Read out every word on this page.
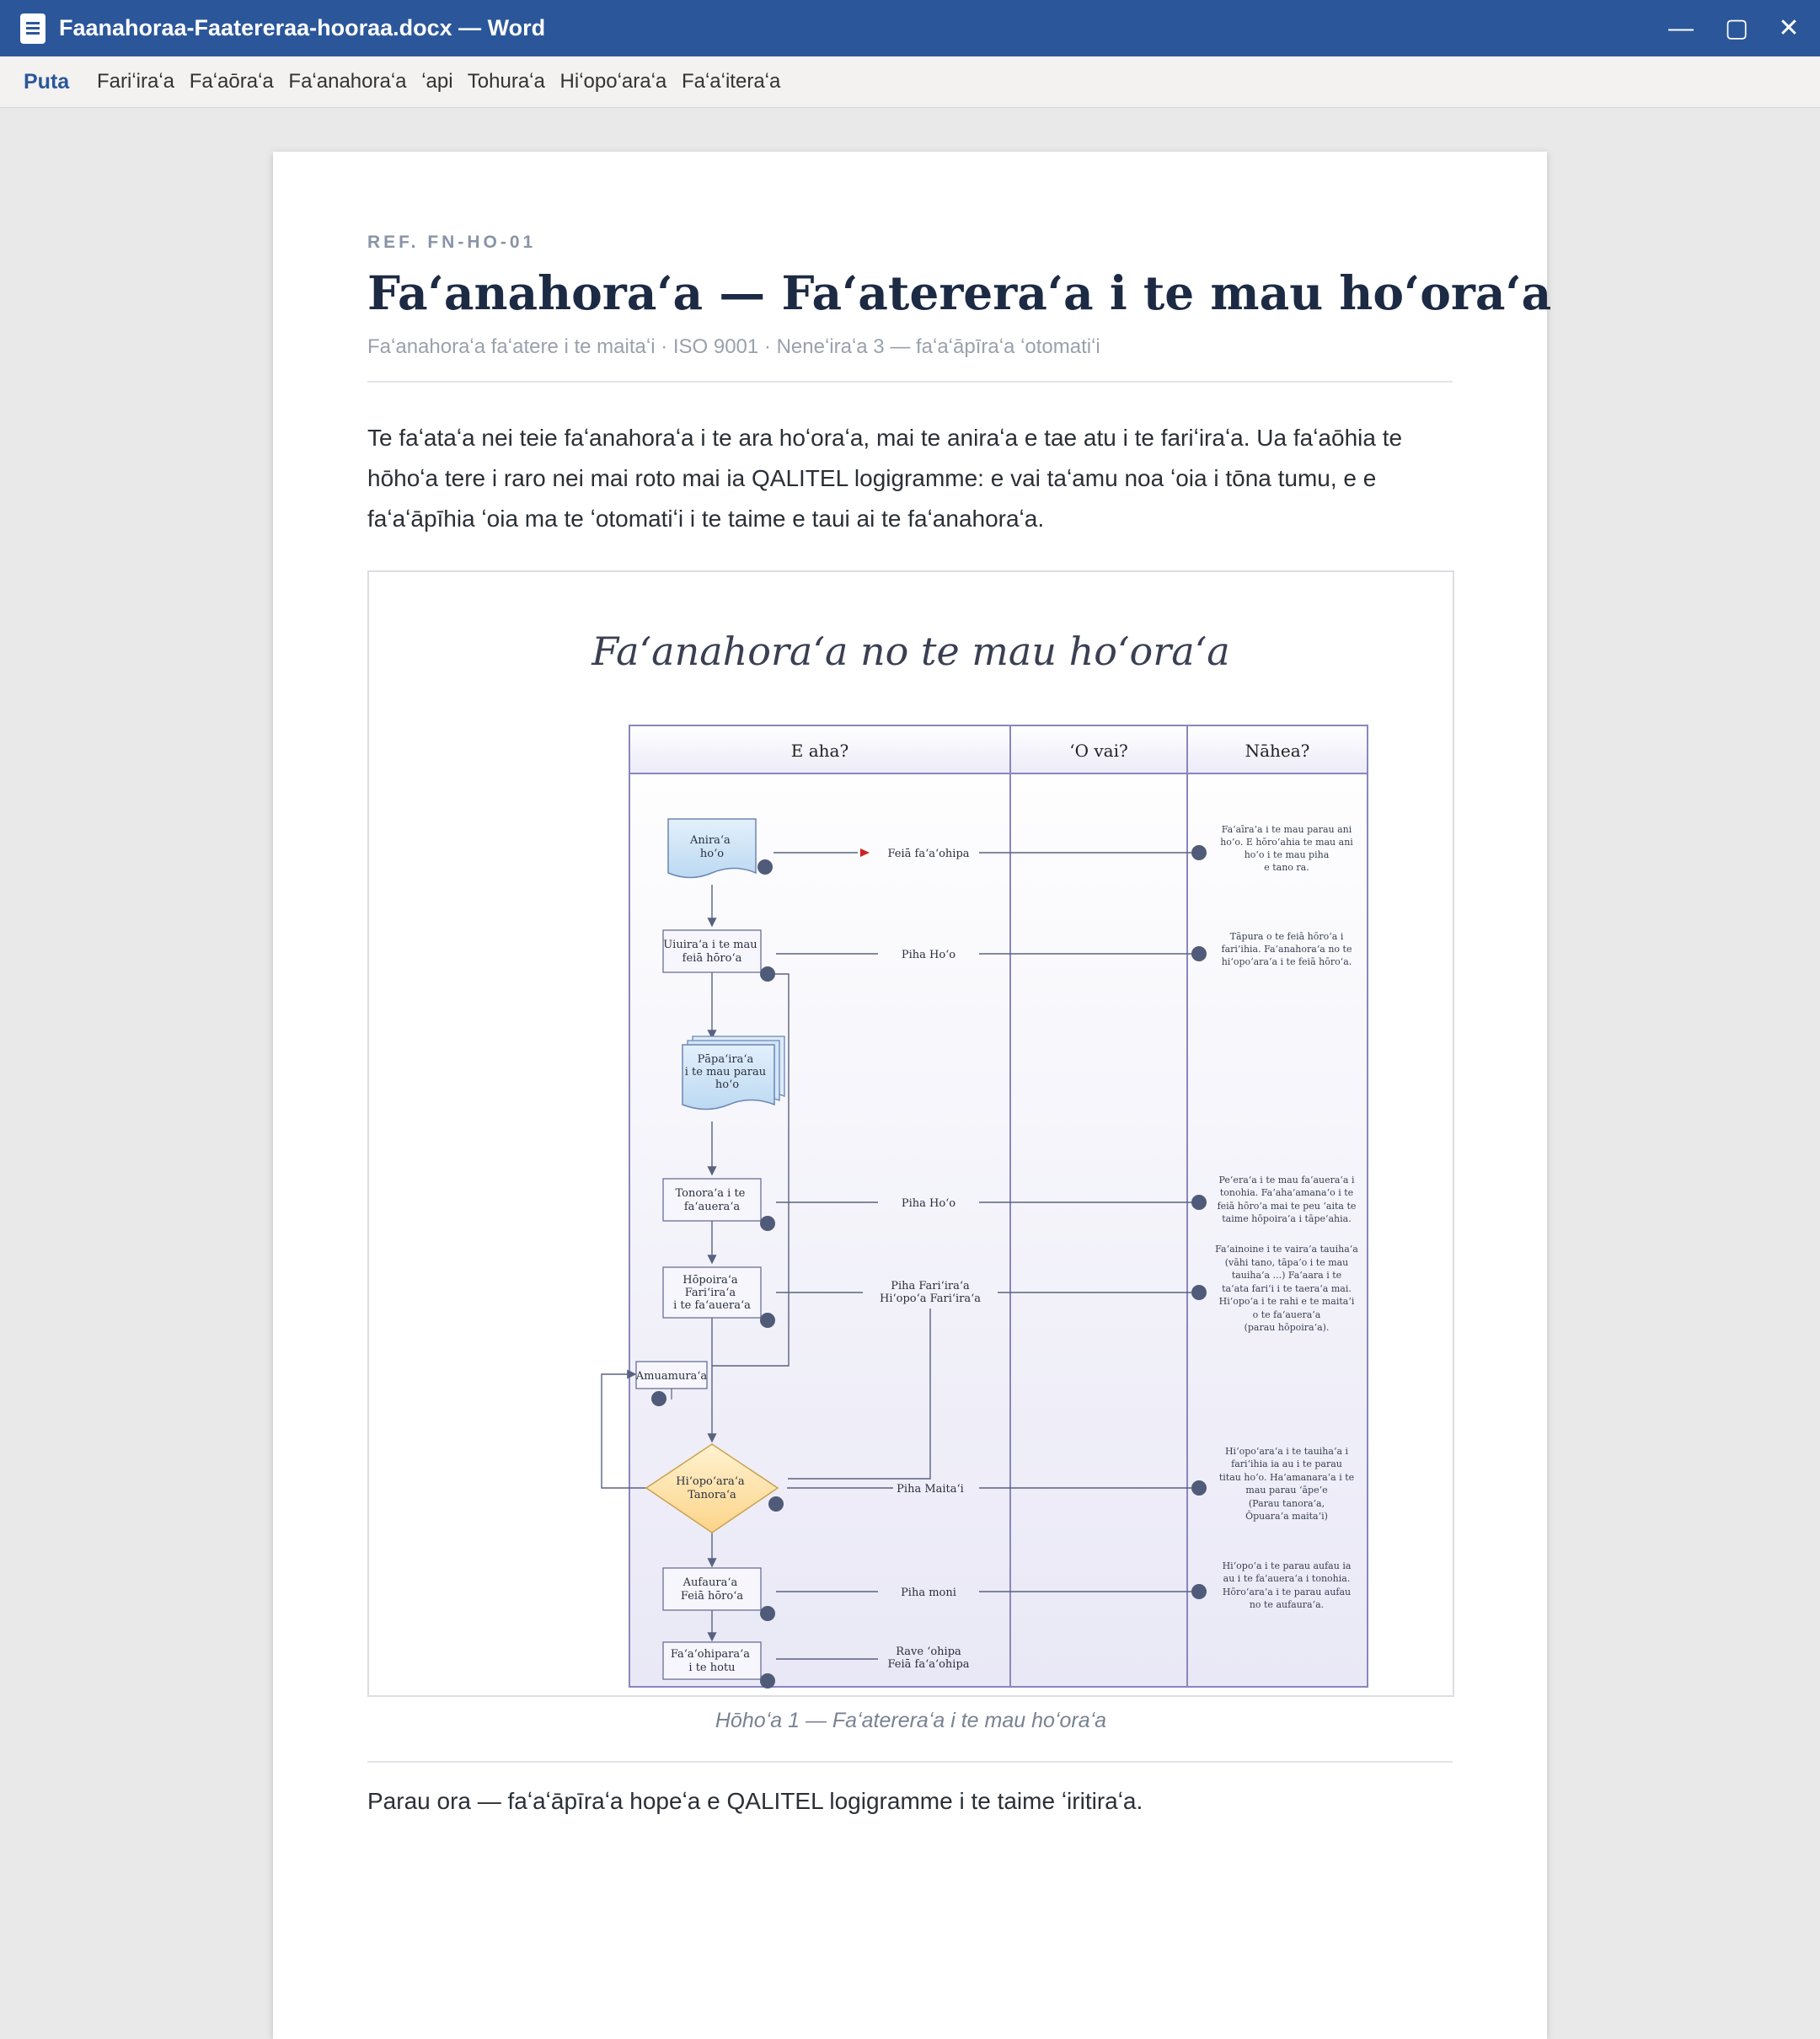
Faanahoraa-Faatereraa-hooraa.docx — Word	—	▢	✕
Puta Fariʻiraʻa Faʻaōraʻa Faʻanahoraʻa ʻapi Tohuraʻa Hiʻopoʻaraʻa Faʻaʻiteraʻa
REF. FN-HO-01
Faʻanahoraʻa — Faʻatereraʻa i te mau hoʻoraʻa
Faʻanahoraʻa faʻatere i te maitaʻi · ISO 9001 · Neneʻiraʻa 3 — faʻaʻāpīraʻa ʻotomatiʻi
Te faʻataʻa nei teie faʻanahoraʻa i te ara hoʻoraʻa, mai te aniraʻa e tae atu i te fariʻiraʻa. Ua faʻaōhia te hōhoʻa tere i raro nei mai roto mai ia QALITEL logigramme: e vai taʻamu noa ʻoia i tōna tumu, e e faʻaʻāpīhia ʻoia ma te ʻotomatiʻi i te taime e taui ai te faʻanahoraʻa.
Faʻanahoraʻa no te mau hoʻoraʻa
E aha?	ʻO vai?	Nāhea?
Aniraʻa hoʻo
Uiuiraʻa i te mau feiā hōroʻa
Pāpaʻiraʻa i te mau parau hoʻo
Tonoraʻa i te faʻaueraʻa
Hōpoiraʻa Fariʻiraʻa i te faʻaueraʻa
Amuamuraʻa
Hiʻopoʻaraʻa Tanoraʻa
Aufauraʻa Feiā hōroʻa
Faʻaʻohiparaʻa i te hotu
Feiā faʻaʻohipa
Piha Hoʻo
Piha Hoʻo
Piha Fariʻiraʻa Hiʻopoʻa Fariʻiraʻa
Piha Maitaʻi
Piha moni
Rave ʻohipa Feiā faʻaʻohipa
Faʻaīraʻa i te mau parau ani hoʻo. E hōroʻahia te mau ani hoʻo i te mau piha e tano ra.
Tāpura o te feiā hōroʻa i fariʻihia. Faʻanahoraʻa no te hiʻopoʻaraʻa i te feiā hōroʻa.
Peʻeraʻa i te mau faʻaueraʻa i tonohia. Faʻahaʻamanaʻo i te feiā hōroʻa mai te peu ʻaita te taime hōpoiraʻa i tāpeʻahia.
Faʻainoine i te vairaʻa tauihaʻa (vāhi tano, tāpaʻo i te mau tauihaʻa ...) Faʻaara i te taʻata fariʻi i te taeraʻa mai. Hiʻopoʻa i te rahi e te maitaʻi o te faʻaueraʻa (parau hōpoiraʻa).
Hiʻopoʻaraʻa i te tauihaʻa i fariʻihia ia au i te parau titau hoʻo. Haʻamanaraʻa i te mau parau ʻāpeʻe (Parau tanoraʻa, Ōpuaraʻa maitaʻi)
Hiʻopoʻa i te parau aufau ia au i te faʻaueraʻa i tonohia. Hōroʻaraʻa i te parau aufau no te aufauraʻa.
Hōhoʻa 1 — Faʻatereraʻa i te mau hoʻoraʻa
Parau ora — faʻaʻāpīraʻa hopeʻa e QALITEL logigramme i te taime ʻiritiraʻa.
